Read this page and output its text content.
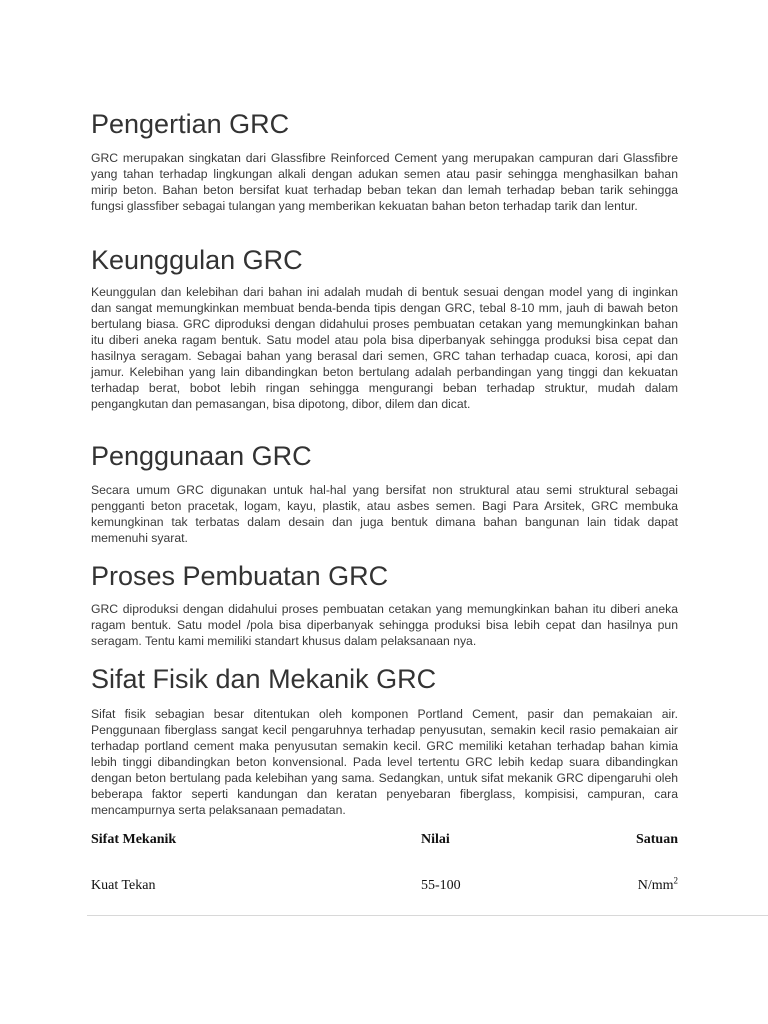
Pengertian GRC

GRC merupakan singkatan dari Glassfibre Reinforced Cement yang merupakan campuran dari Glassfibre yang tahan terhadap lingkungan alkali dengan adukan semen atau pasir sehingga menghasilkan bahan mirip beton. Bahan beton bersifat kuat terhadap beban tekan dan lemah terhadap beban tarik sehingga fungsi glassfiber sebagai tulangan yang memberikan kekuatan bahan beton terhadap tarik dan lentur.

Keunggulan GRC

Keunggulan dan kelebihan dari bahan ini adalah mudah di bentuk sesuai dengan model yang di inginkan dan sangat memungkinkan membuat benda-benda tipis dengan GRC, tebal 8-10 mm, jauh di bawah beton bertulang biasa. GRC diproduksi dengan didahului proses pembuatan cetakan yang memungkinkan bahan itu diberi aneka ragam bentuk. Satu model atau pola bisa diperbanyak sehingga produksi bisa cepat dan hasilnya seragam. Sebagai bahan yang berasal dari semen, GRC tahan terhadap cuaca, korosi, api dan jamur. Kelebihan yang lain dibandingkan beton bertulang adalah perbandingan yang tinggi dan kekuatan terhadap berat, bobot lebih ringan sehingga mengurangi beban terhadap struktur, mudah dalam pengangkutan dan pemasangan, bisa dipotong, dibor, dilem dan dicat.

Penggunaan GRC

Secara umum GRC digunakan untuk hal-hal yang bersifat non struktural atau semi struktural sebagai pengganti beton pracetak, logam, kayu, plastik, atau asbes semen. Bagi Para Arsitek, GRC membuka kemungkinan tak terbatas dalam desain dan juga bentuk dimana bahan bangunan lain tidak dapat memenuhi syarat.

Proses Pembuatan GRC

GRC diproduksi dengan didahului proses pembuatan cetakan yang memungkinkan bahan itu diberi aneka ragam bentuk. Satu model /pola bisa diperbanyak sehingga produksi bisa lebih cepat dan hasilnya pun seragam. Tentu kami memiliki standart khusus dalam pelaksanaan nya.

Sifat Fisik dan Mekanik GRC

Sifat fisik sebagian besar ditentukan oleh komponen Portland Cement, pasir dan pemakaian air. Penggunaan fiberglass sangat kecil pengaruhnya terhadap penyusutan, semakin kecil rasio pemakaian air terhadap portland cement maka penyusutan semakin kecil. GRC memiliki ketahan terhadap bahan kimia lebih tinggi dibandingkan beton konvensional. Pada level tertentu GRC lebih kedap suara dibandingkan dengan beton bertulang pada kelebihan yang sama. Sedangkan, untuk sifat mekanik GRC dipengaruhi oleh beberapa faktor seperti kandungan dan keratan penyebaran fiberglass, kompisisi, campuran, cara mencampurnya serta pelaksanaan pemadatan.

Sifat Mekanik	Nilai	Satuan
Kuat Tekan	55-100	$N/mm^2$
